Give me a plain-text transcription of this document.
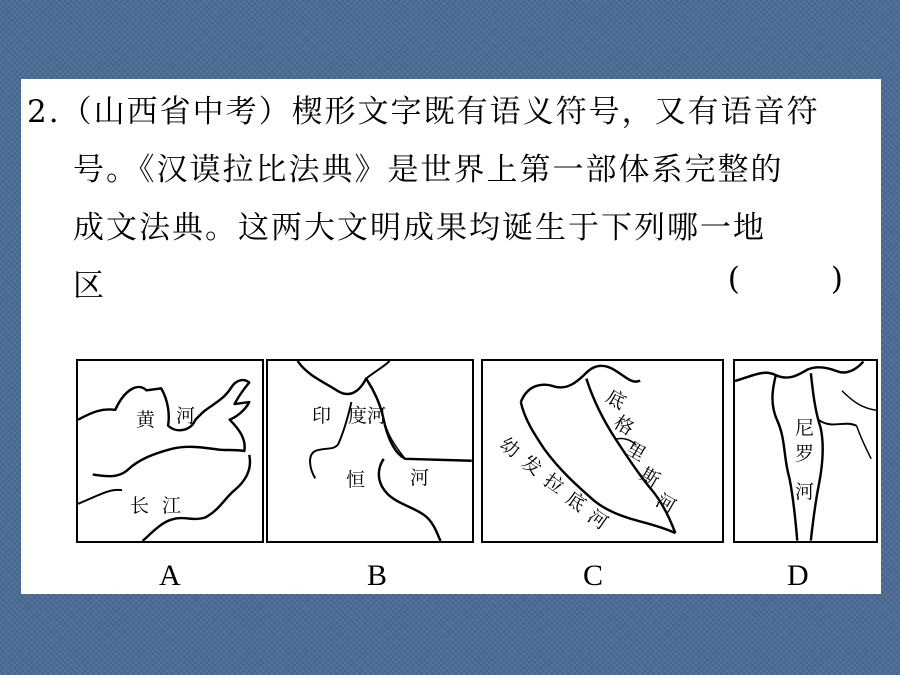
2.（山西省中考）楔形文字既有语义符号，又有语音符
号。《汉谟拉比法典》是世界上第一部体系完整的
成文法典。这两大文明成果均诞生于下列哪一地
区	(　)
黄 河
长 江
印 度河
恒 河
底
格
里
斯
河
幼
发
拉
底
河
尼
罗
河
A	B	C	D
